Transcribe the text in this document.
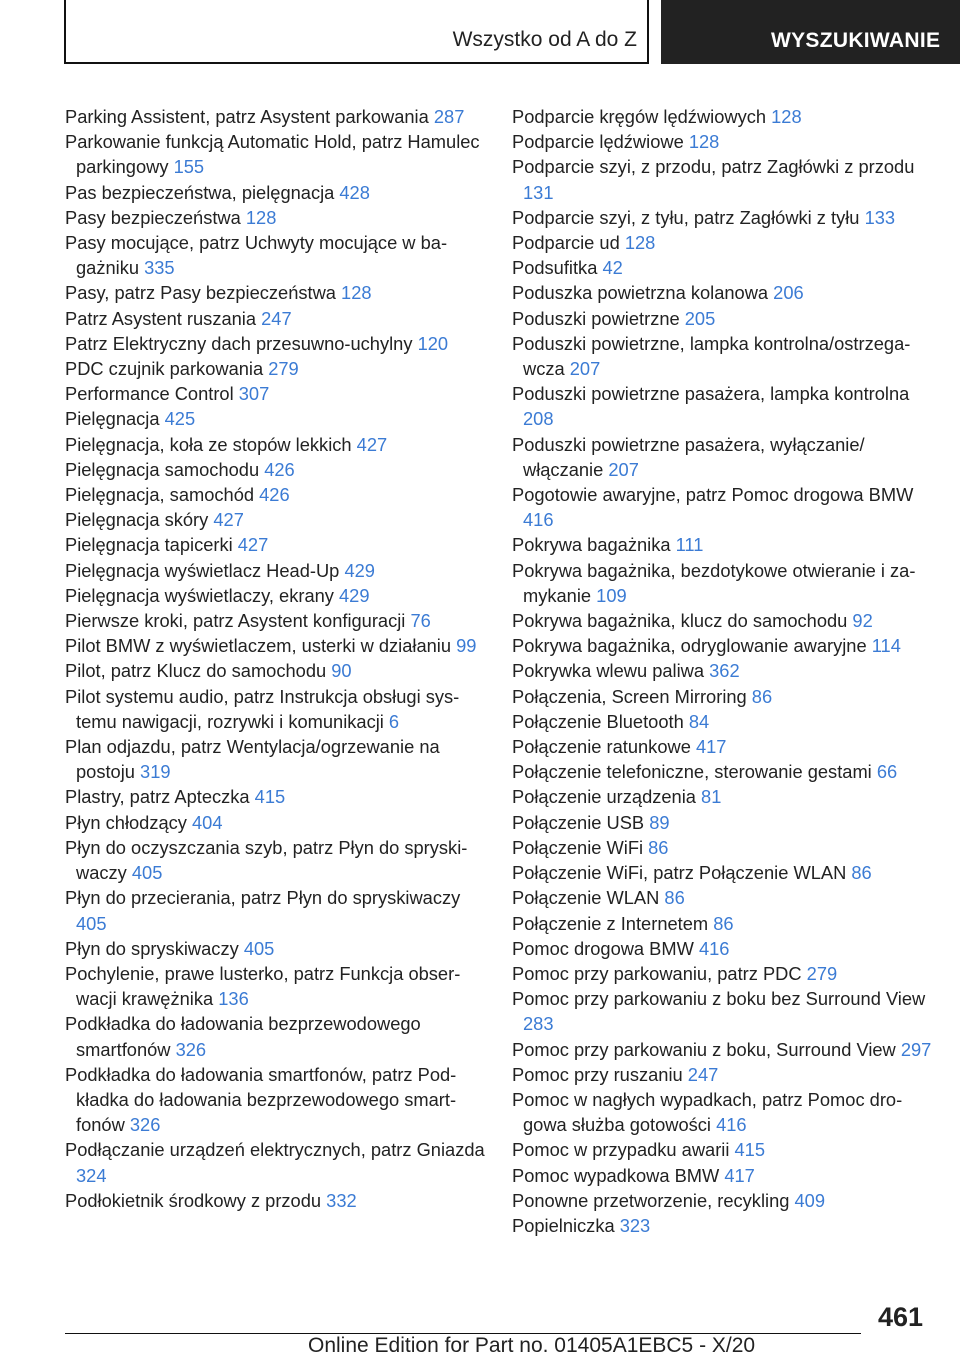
Wszystko od A do Z	WYSZUKIWANIE

Parking Assistent, patrz Asystent parkowania 287

Parkowanie funkcją Automatic Hold, patrz Hamulec parkingowy 155

Pas bezpieczeństwa, pielęgnacja 428

Pasy bezpieczeństwa 128

Pasy mocujące, patrz Uchwyty mocujące w bagażniku 335

Pasy, patrz Pasy bezpieczeństwa 128

Patrz Asystent ruszania 247

Patrz Elektryczny dach przesuwno-uchylny 120

PDC czujnik parkowania 279

Performance Control 307

Pielęgnacja 425

Pielęgnacja, koła ze stopów lekkich 427

Pielęgnacja samochodu 426

Pielęgnacja, samochód 426

Pielęgnacja skóry 427

Pielęgnacja tapicerki 427

Pielęgnacja wyświetlacz Head-Up 429

Pielęgnacja wyświetlaczy, ekrany 429

Pierwsze kroki, patrz Asystent konfiguracji 76

Pilot BMW z wyświetlaczem, usterki w działaniu 99

Pilot, patrz Klucz do samochodu 90

Pilot systemu audio, patrz Instrukcja obsługi systemu nawigacji, rozrywki i komunikacji 6

Plan odjazdu, patrz Wentylacja/ogrzewanie na postoju 319

Plastry, patrz Apteczka 415

Płyn chłodzący 404

Płyn do oczyszczania szyb, patrz Płyn do spryskiwaczy 405

Płyn do przecierania, patrz Płyn do spryskiwaczy 405

Płyn do spryskiwaczy 405

Pochylenie, prawe lusterko, patrz Funkcja obserwacji krawężnika 136

Podkładka do ładowania bezprzewodowego smartfonów 326

Podkładka do ładowania smartfonów, patrz Podkładka do ładowania bezprzewodowego smartfonów 326

Podłączanie urządzeń elektrycznych, patrz Gniazda 324

Podłokietnik środkowy z przodu 332

Podparcie kręgów lędźwiowych 128

Podparcie lędźwiowe 128

Podparcie szyi, z przodu, patrz Zagłówki z przodu 131

Podparcie szyi, z tyłu, patrz Zagłówki z tyłu 133

Podparcie ud 128

Podsufitka 42

Poduszka powietrzna kolanowa 206

Poduszki powietrzne 205

Poduszki powietrzne, lampka kontrolna/ostrzegawcza 207

Poduszki powietrzne pasażera, lampka kontrolna 208

Poduszki powietrzne pasażera, wyłączanie/ włączanie 207

Pogotowie awaryjne, patrz Pomoc drogowa BMW 416

Pokrywa bagażnika 111

Pokrywa bagażnika, bezdotykowe otwieranie i zamykanie 109

Pokrywa bagażnika, klucz do samochodu 92

Pokrywa bagażnika, odryglowanie awaryjne 114

Pokrywka wlewu paliwa 362

Połączenia, Screen Mirroring 86

Połączenie Bluetooth 84

Połączenie ratunkowe 417

Połączenie telefoniczne, sterowanie gestami 66

Połączenie urządzenia 81

Połączenie USB 89

Połączenie WiFi 86

Połączenie WiFi, patrz Połączenie WLAN 86

Połączenie WLAN 86

Połączenie z Internetem 86

Pomoc drogowa BMW 416

Pomoc przy parkowaniu, patrz PDC 279

Pomoc przy parkowaniu z boku bez Surround View 283

Pomoc przy parkowaniu z boku, Surround View 297

Pomoc przy ruszaniu 247

Pomoc w nagłych wypadkach, patrz Pomoc drogowa służba gotowości 416

Pomoc w przypadku awarii 415

Pomoc wypadkowa BMW 417

Ponowne przetworzenie, recykling 409

Popielniczka 323

461
Online Edition for Part no. 01405A1EBC5 - X/20
